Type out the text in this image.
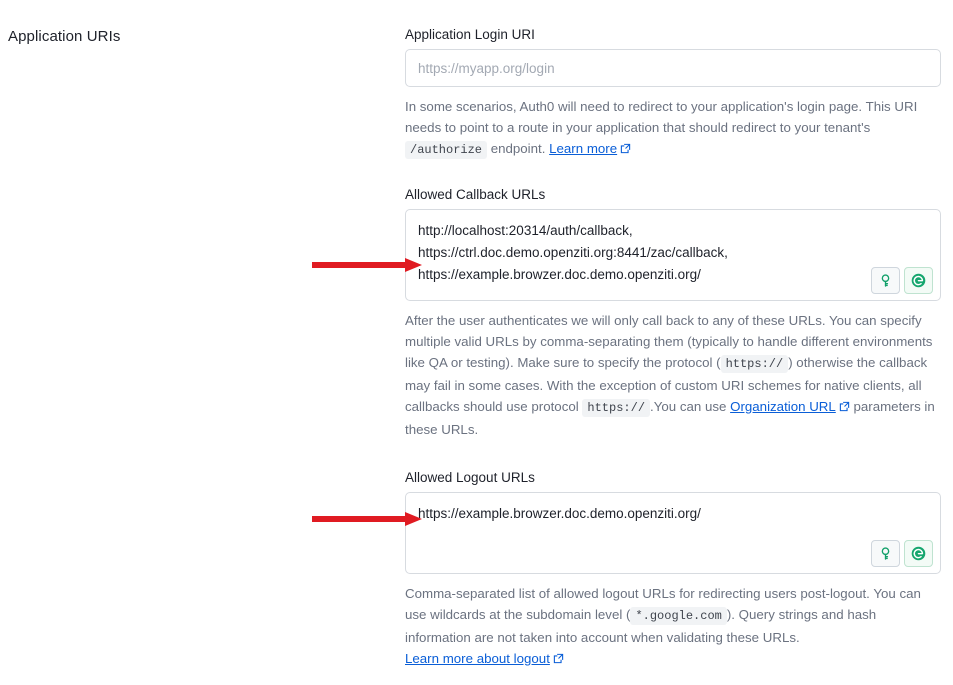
Application URIs	Application Login URI
https://myapp.org/login
In some scenarios, Auth0 will need to redirect to your application's login page. This URI needs to point to a route in your application that should redirect to your tenant's /authorize endpoint. Learn more
Allowed Callback URLs
http://localhost:20314/auth/callback, https://ctrl.doc.demo.openziti.org:8441/zac/callback, https://example.browzer.doc.demo.openziti.org/
After the user authenticates we will only call back to any of these URLs. You can specify multiple valid URLs by comma-separating them (typically to handle different environments like QA or testing). Make sure to specify the protocol ( https:// ) otherwise the callback may fail in some cases. With the exception of custom URI schemes for native clients, all callbacks should use protocol https:// .You can use Organization URL parameters in these URLs.
Allowed Logout URLs
https://example.browzer.doc.demo.openziti.org/
Comma-separated list of allowed logout URLs for redirecting users post-logout. You can use wildcards at the subdomain level ( *.google.com ). Query strings and hash information are not taken into account when validating these URLs.
Learn more about logout
